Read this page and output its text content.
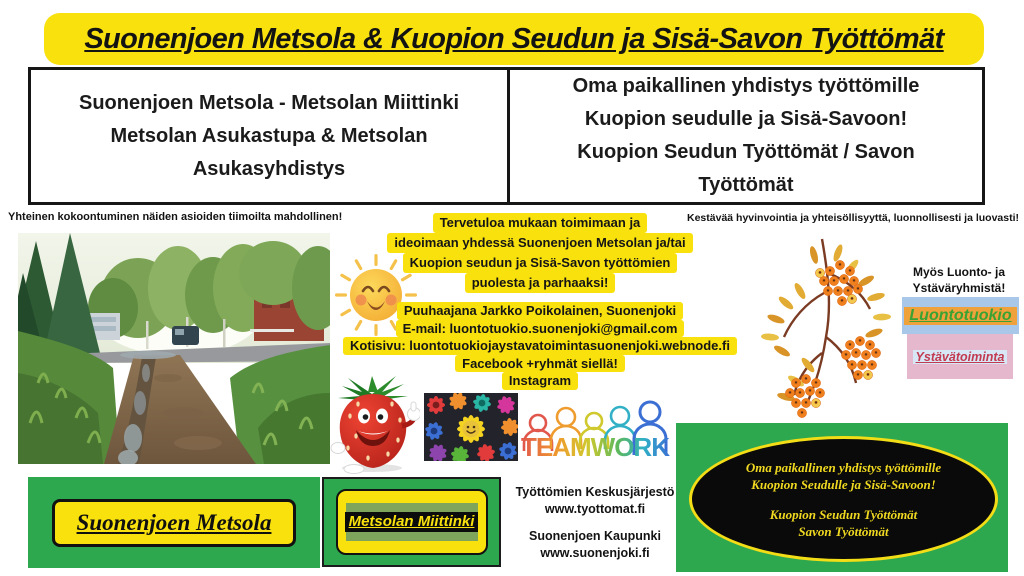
Suonenjoen Metsola & Kuopion Seudun ja Sisä-Savon Työttömät
Suonenjoen Metsola - Metsolan Miittinki
Metsolan Asukastupa & Metsolan
Asukasyhdistys
Oma paikallinen yhdistys työttömille
Kuopion seudulle ja Sisä-Savoon!
Kuopion Seudun Työttömät / Savon
Työttömät
Yhteinen kokoontuminen näiden asioiden tiimoilta mahdollinen!	Kestävää hyvinvointia ja yhteisöllisyyttä, luonnollisesti ja luovasti!
Tervetuloa mukaan toimimaan ja
ideoimaan yhdessä Suonenjoen Metsolan ja/tai
Kuopion seudun ja Sisä-Savon työttömien
puolesta ja parhaaksi!
Puuhaajana Jarkko Poikolainen, Suonenjoki
E-mail: luontotuokio.suonenjoki@gmail.com
Kotisivu: luontotuokiojaystavatoimintasuonenjoki.webnode.fi
Facebook +ryhmät siellä!
Instagram
Myös Luonto- ja
Ystäväryhmistä!
Luontotuokio
Ystävätoiminta
TEAMWORK
Suonenjoen Metsola	Metsolan Miittinki
Työttömien Keskusjärjestö
www.tyottomat.fi
Suonenjoen Kaupunki
www.suonenjoki.fi
Oma paikallinen yhdistys työttömille
Kuopion Seudulle ja Sisä-Savoon!
Kuopion Seudun Työttömät
Savon Työttömät
